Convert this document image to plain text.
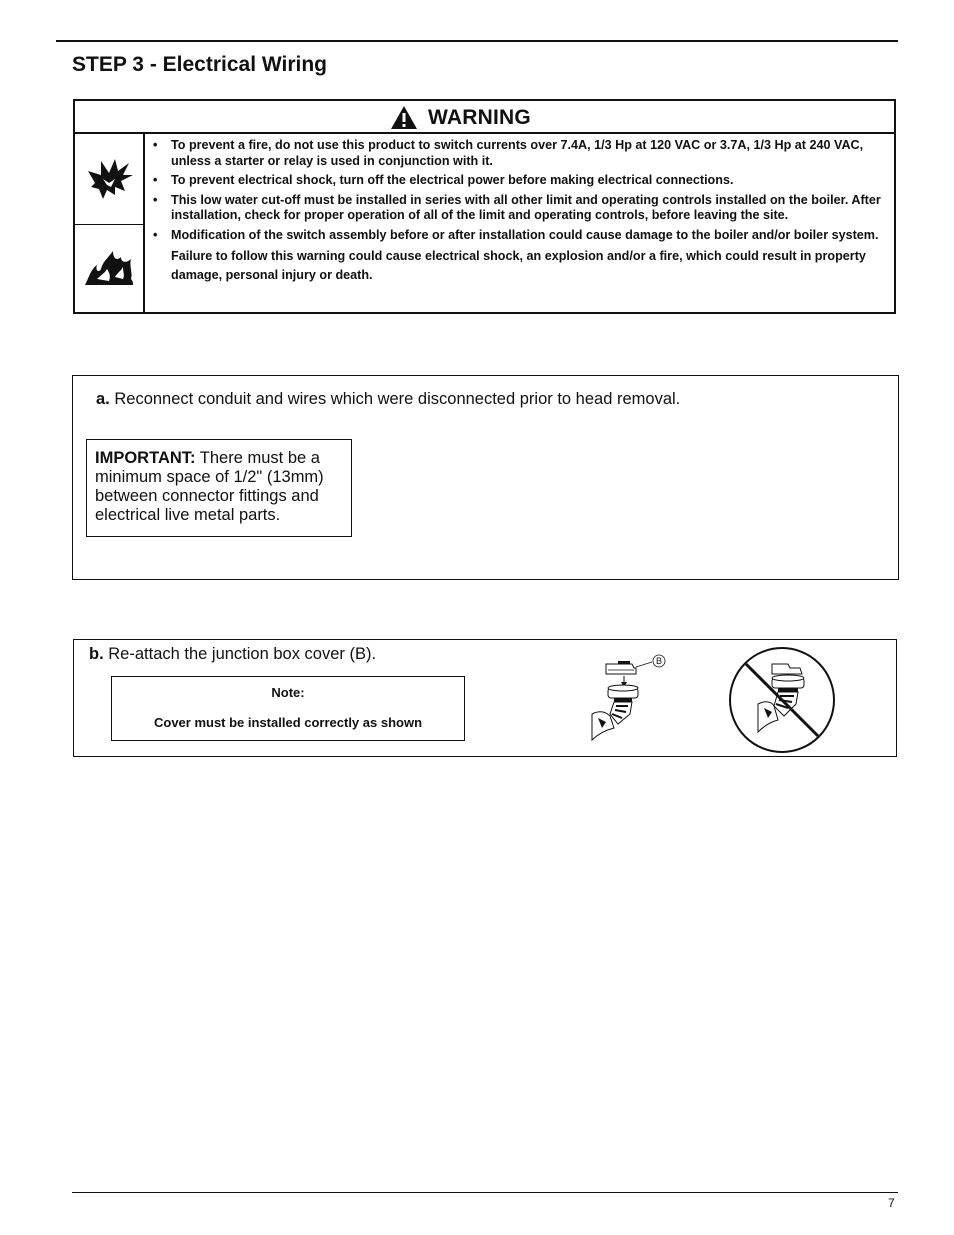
STEP 3 - Electrical Wiring
WARNING
• To prevent a fire, do not use this product to switch currents over 7.4A, 1/3 Hp at 120 VAC or 3.7A, 1/3 Hp at 240 VAC, unless a starter or relay is used in conjunction with it.
• To prevent electrical shock, turn off the electrical power before making electrical connections.
• This low water cut-off must be installed in series with all other limit and operating controls installed on the boiler. After installation, check for proper operation of all of the limit and operating controls, before leaving the site.
• Modification of the switch assembly before or after installation could cause damage to the boiler and/or boiler system.
Failure to follow this warning could cause electrical shock, an explosion and/or a fire, which could result in property damage, personal injury or death.
a. Reconnect conduit and wires which were disconnected prior to head removal.
IMPORTANT: There must be a minimum space of 1/2" (13mm) between connector fittings and electrical live metal parts.
b. Re-attach the junction box cover (B).
Note:
Cover must be installed correctly as shown
B
7
